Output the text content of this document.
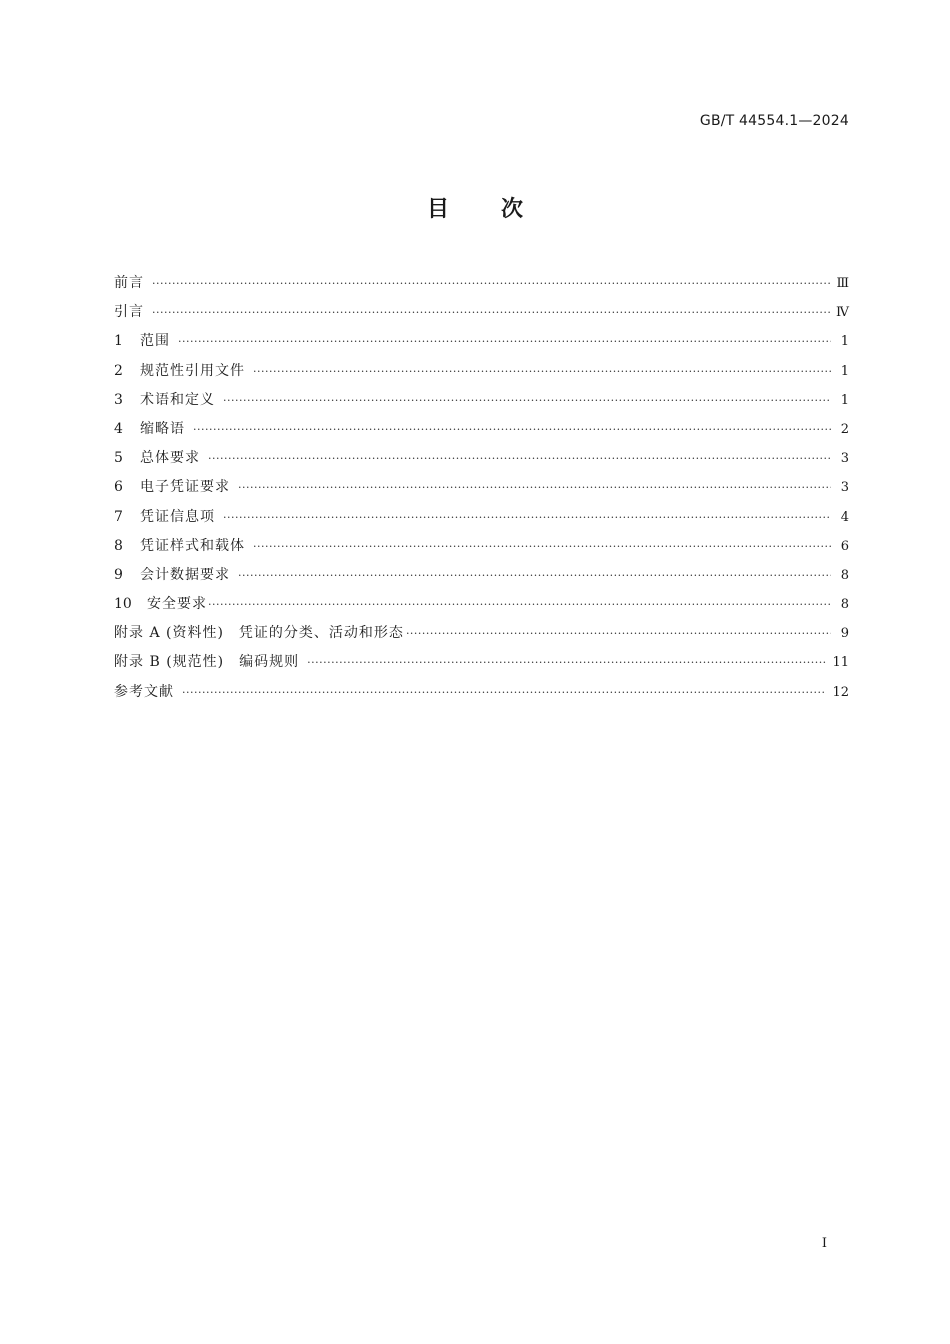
GB/T 44554.1—2024
目 次
前言 ·····	Ⅲ
引言 ·····	Ⅳ
1	范围 ·····	1
2	规范性引用文件 ·····	1
3	术语和定义 ·····	1
4	缩略语 ·····	2
5	总体要求 ·····	3
6	电子凭证要求 ·····	3
7	凭证信息项 ·····	4
8	凭证样式和载体 ·····	6
9	会计数据要求 ·····	8
10	安全要求 ·····	8
附录 A (资料性)　凭证的分类、活动和形态 ·····	9
附录 B (规范性)　编码规则 ·····	11
参考文献 ·····	12
I
